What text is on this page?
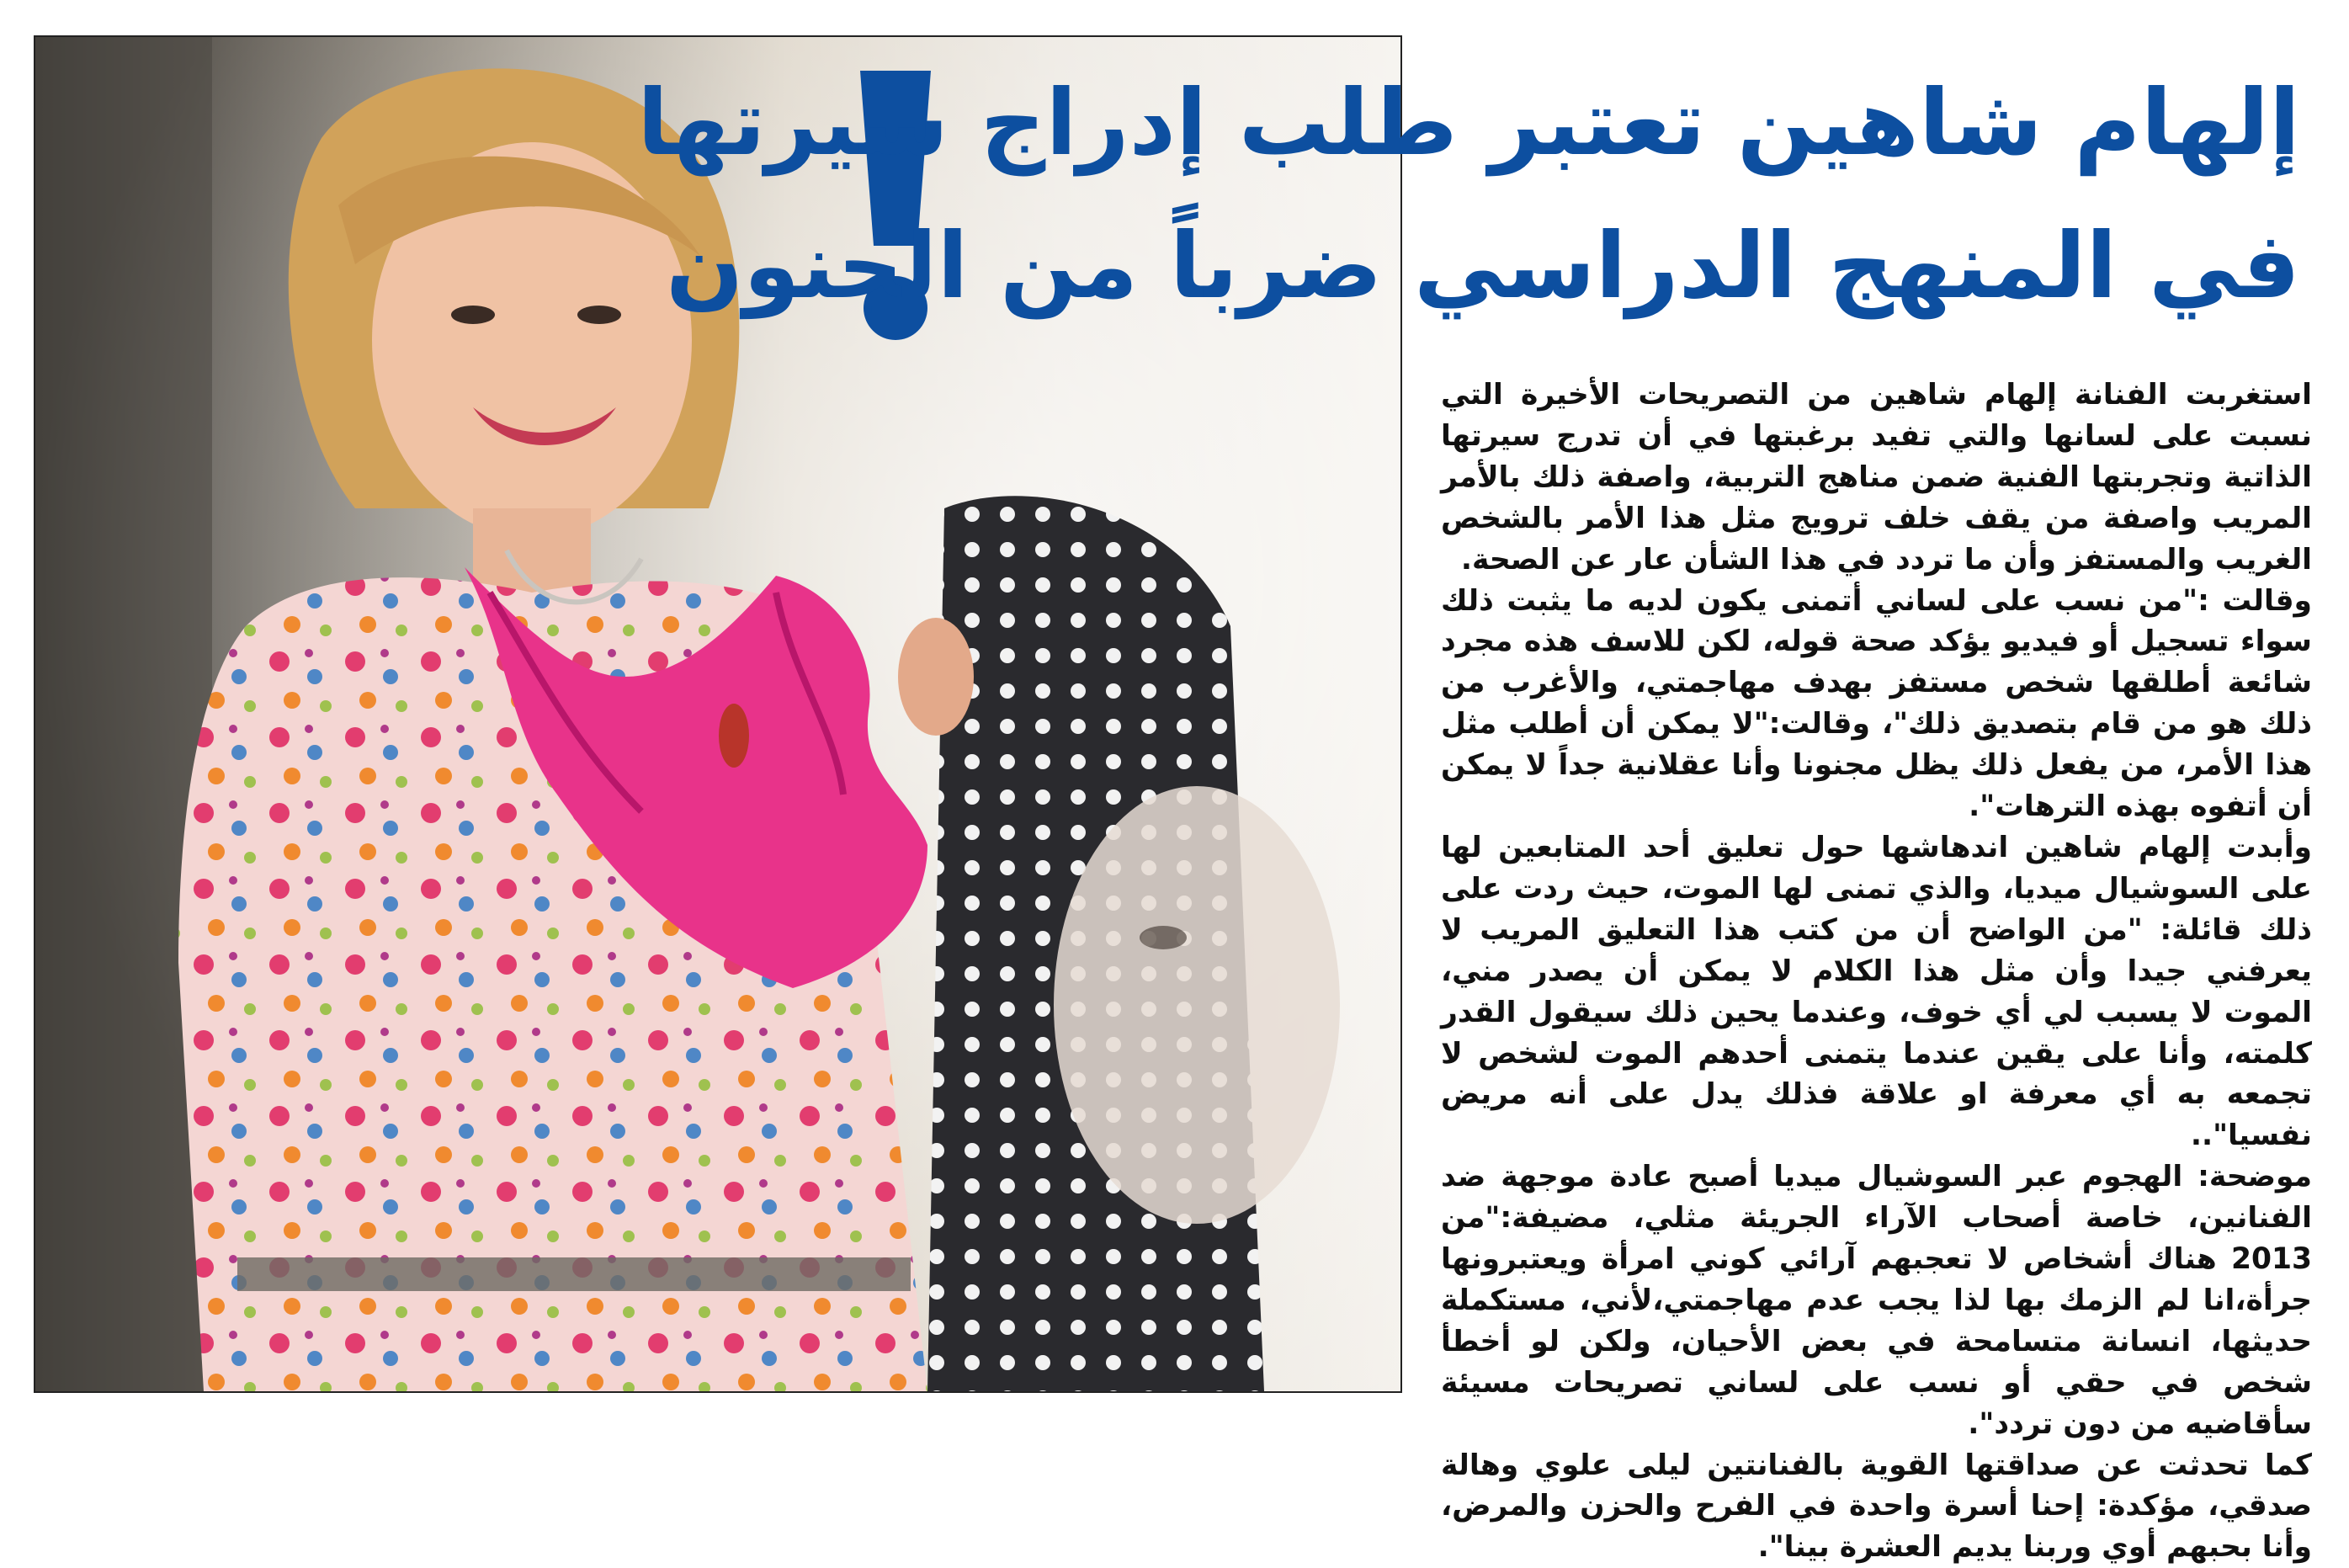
إلهام شاهين تعتبر طلب إدراج سيرتها
في المنهج الدراسي ضرباً من الجنون

استغربت الفنانة إلهام شاهين من التصريحات الأخيرة التي نسبت على لسانها والتي تفيد برغبتها في أن تدرج سيرتها الذاتية وتجربتها الفنية ضمن مناهج التربية، واصفة ذلك بالأمر المريب واصفة من يقف خلف ترويج مثل هذا الأمر بالشخص الغريب والمستفز وأن ما تردد في هذا الشأن عار عن الصحة.

وقالت :"من نسب على لساني أتمنى يكون لديه ما يثبت ذلك سواء تسجيل أو فيديو يؤكد صحة قوله، لكن للاسف هذه مجرد شائعة أطلقها شخص مستفز بهدف مهاجمتي، والأغرب من ذلك هو من قام بتصديق ذلك"، وقالت:"لا يمكن أن أطلب مثل هذا الأمر، من يفعل ذلك يظل مجنونا وأنا عقلانية جداً لا يمكن أن أتفوه بهذه الترهات".

وأبدت إلهام شاهين اندهاشها حول تعليق أحد المتابعين لها على السوشيال ميديا، والذي تمنى لها الموت، حيث ردت على ذلك قائلة: "من الواضح أن من كتب هذا التعليق المريب لا يعرفني جيدا وأن مثل هذا الكلام لا يمكن أن يصدر مني، الموت لا يسبب لي أي خوف، وعندما يحين ذلك سيقول القدر كلمته، وأنا على يقين عندما يتمنى أحدهم الموت لشخص لا تجمعه به أي معرفة او علاقة فذلك يدل على أنه مريض نفسيا"..

موضحة: الهجوم عبر السوشيال ميديا أصبح عادة موجهة ضد الفنانين، خاصة أصحاب الآراء الجريئة مثلي، مضيفة:"من 2013 هناك أشخاص لا تعجبهم آرائي كوني امرأة ويعتبرونها جرأة،انا لم الزمك بها لذا يجب عدم مهاجمتي،لأني، مستكملة حديثها، انسانة متسامحة في بعض الأحيان، ولكن لو أخطأ شخص في حقي أو نسب على لساني تصريحات مسيئة سأقاضيه من دون تردد".

كما تحدثت عن صداقتها القوية بالفنانتين ليلى علوي وهالة صدقي، مؤكدة: إحنا أسرة واحدة في الفرح والحزن والمرض، وأنا بحبهم أوي وربنا يديم العشرة بينا".
